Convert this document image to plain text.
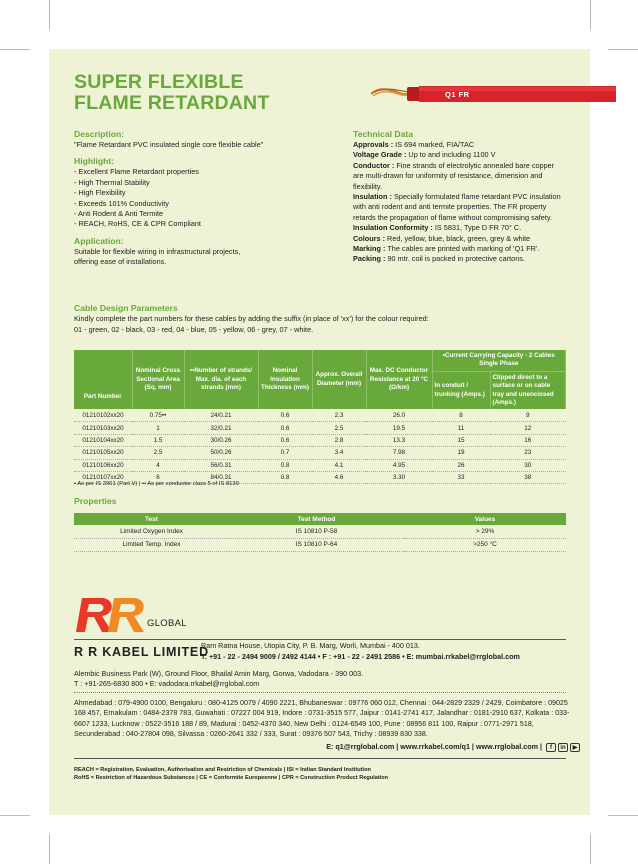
SUPER FLEXIBLE
FLAME RETARDANT	Q1 FR
Description:
"Flame Retardant PVC insulated single core flexible cable"
Highlight:
- Excellent Flame Retardant properties
- High Thermal Stability
- High Flexibility
- Exceeds 101% Conductivity
- Anti Rodent & Anti Termite
- REACH, RoHS, CE & CPR Compliant
Application:
Suitable for flexible wiring in infrastructural projects, offering ease of installations.
Technical Data
Approvals : IS 694 marked, FIA/TAC
Voltage Grade : Up to and including 1100 V
Conductor : Fine strands of electrolytic annealed bare copper are multi-drawn for uniformity of resistance, dimension and flexibility.
Insulation : Specially formulated flame retardant PVC insulation with anti rodent and anti termite properties. The FR property retards the propagation of flame without compromising safety.
Insulation Conformity : IS 5831, Type D FR 70° C.
Colours : Red, yellow, blue, black, green, grey & white
Marking : The cables are printed with marking of 'Q1 FR'.
Packing : 90 mtr. coil is packed in protective cartons.
Cable Design Parameters
Kindly complete the part numbers for these cables by adding the suffix (in place of 'xx') for the colour required:
01 - green, 02 - black, 03 - red, 04 - blue, 05 - yellow, 06 - grey, 07 - white.
Part Number	Nominal Cross Sectional Area (Sq. mm)	••Number of strands/ Max. dia. of each strands (mm)	Nominal Insulation Thickness (mm)	Approx. Overall Diameter (mm)	Max. DC Conductor Resistance at 20 °C (Ω/km)	•Current Carrying Capacity - 2 Cables Single Phase	
						In conduit / trunking (Amps.)	Clipped direct to a surface or on cable tray and unenclosed (Amps.)
01210102xx20	0.75••	24/0.21	0.6	2.3	26.0	8	9
01210103xx20	1	32/0.21	0.6	2.5	19.5	11	12
01210104xx20	1.5	30/0.26	0.6	2.8	13.3	15	16
01210105xx20	2.5	50/0.26	0.7	3.4	7.98	19	23
01210106xx20	4	56/0.31	0.8	4.1	4.95	26	30
01210107xx20	6	84/0.31	0.8	4.6	3.30	33	38
• As per IS 3961 (Part V) | •• As per conductor class 5 of IS 8130
Properties
Test	Test Method	Values
Limited Oxygen Index	IS 10810 P-58	> 29%
Limited Temp. Index	IS 10810 P-64	>250 °C
GLOBAL
R R KABEL LIMITED
Ram Ratna House, Utopia City, P. B. Marg, Worli, Mumbai - 400 013.
T: +91 - 22 - 2494 9009 / 2492 4144 • F : +91 - 22 - 2491 2586 • E: mumbai.rrkabel@rrglobal.com
Alembic Business Park (W), Ground Floor, Bhailal Amin Marg, Gorwa, Vadodara - 390 003.
T : +91-265-6830 800 • E: vadodara.rrkabel@rrglobal.com
Ahmedabad : 079-4900 0100, Bengaluru : 080-4125 0079 / 4090 2221, Bhubaneswar : 09776 060 012, Chennai : 044-2829 2329 / 2429, Coimbatore : 09025 168 457, Ernakulam : 0484-2378 783, Guwahati : 07227 004 919, Indore : 0731-3515 577, Jaipur : 0141-2741 417, Jalandhar : 0181-2910 637, Kolkata : 033-6607 1233, Lucknow : 0522-3516 188 / 89, Madurai : 0452-4370 340, New Delhi : 0124-6549 100, Pune : 08956 811 100, Raipur : 0771-2971 518, Secunderabad : 040-27804 098, Silvassa : 0260-2641 332 / 333, Surat : 09376 507 543, Trichy : 08939 830 338.
E: q1@rrglobal.com | www.rrkabel.com/q1 | www.rrglobal.com | f in ▶
REACH = Registration, Evaluation, Authorisation and Restriction of Chemicals | ISI = Indian Standard Institution
RoHS = Restriction of Hazardous Substances | CE = Conformite Europeenne | CPR = Construction Product Regulation
